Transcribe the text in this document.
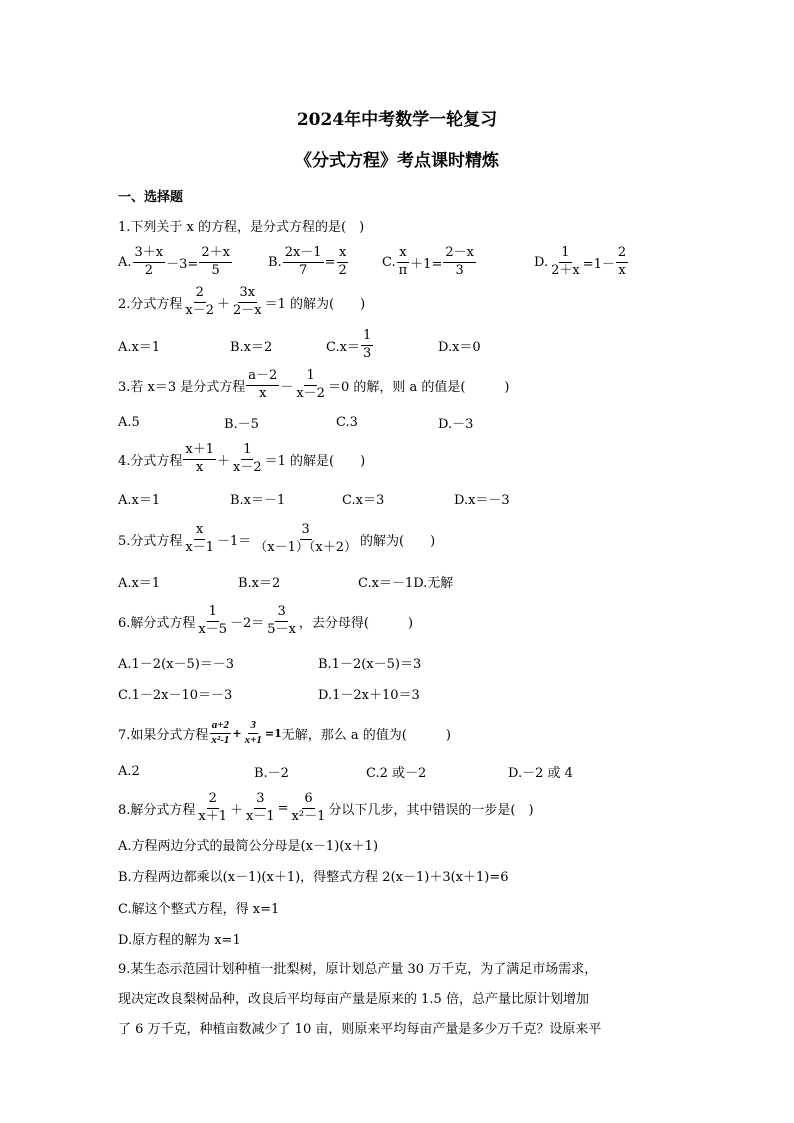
2024年中考数学一轮复习
《分式方程》考点课时精炼
一、选择题
1.下列关于 x 的方程，是分式方程的是(　)
A. $\frac{3+x}{2} -3= \frac{2+x}{5}$	B. $\frac{2x-1}{7} = \frac{x}{2}$	C. $\frac{x}{\pi} +1= \frac{2-x}{3}$	D. $\frac{1}{2+x} =1- \frac{2}{x}$
2.分式方程 $\frac{2}{x-2} + \frac{3x}{2-x} =1$ 的解为(　　)
A.x＝1	B.x＝2	$C.x= \frac{1}{3}$	D.x＝0
3.若 x＝3 是分式方程 $\frac{a-2}{x} - \frac{1}{x-2} =0$ 的解，则 a 的值是(　　　)
A.5	B.－5	C.3	D.－3
4.分式方程 $\frac{x+1}{x} + \frac{1}{x-2} =1$ 的解是(　　)
A.x＝1	B.x＝－1	C.x＝3	D.x＝－3
5.分式方程 $\frac{x}{x-1} -1= \frac{3}{(x-1)(x+2)}$ 的解为(　　)
A.x＝1	B.x＝2	C.x＝－1D.无解
6.解分式方程 $\frac{1}{x-5} -2= \frac{3}{5-x}$ ，去分母得(　　　)
A.1－2(x－5)＝－3	B.1－2(x－5)＝3
C.1－2x－10＝－3	D.1－2x＋10＝3
7.如果分式方程 $\frac{a+2}{\text{x²-1}} + \frac{3}{x+1} =1$ 无解，那么 a 的值为(　　　)
A.2	B.－2	C.2 或－2	D.－2 或 4
8.解分式方程 $\frac{2}{x+1} + \frac{3}{x-1} = \frac{6}{\text{x²－1}}$ 分以下几步，其中错误的一步是(　)
A.方程两边分式的最简公分母是(x－1)(x＋1)
B.方程两边都乘以(x－1)(x＋1)，得整式方程 2(x－1)＋3(x＋1)=6
C.解这个整式方程，得 x=1
D.原方程的解为 x=1
9.某生态示范园计划种植一批梨树，原计划总产量 30 万千克，为了满足市场需求，
现决定改良梨树品种，改良后平均每亩产量是原来的 1.5 倍，总产量比原计划增加
了 6 万千克，种植亩数减少了 10 亩，则原来平均每亩产量是多少万千克？设原来平
